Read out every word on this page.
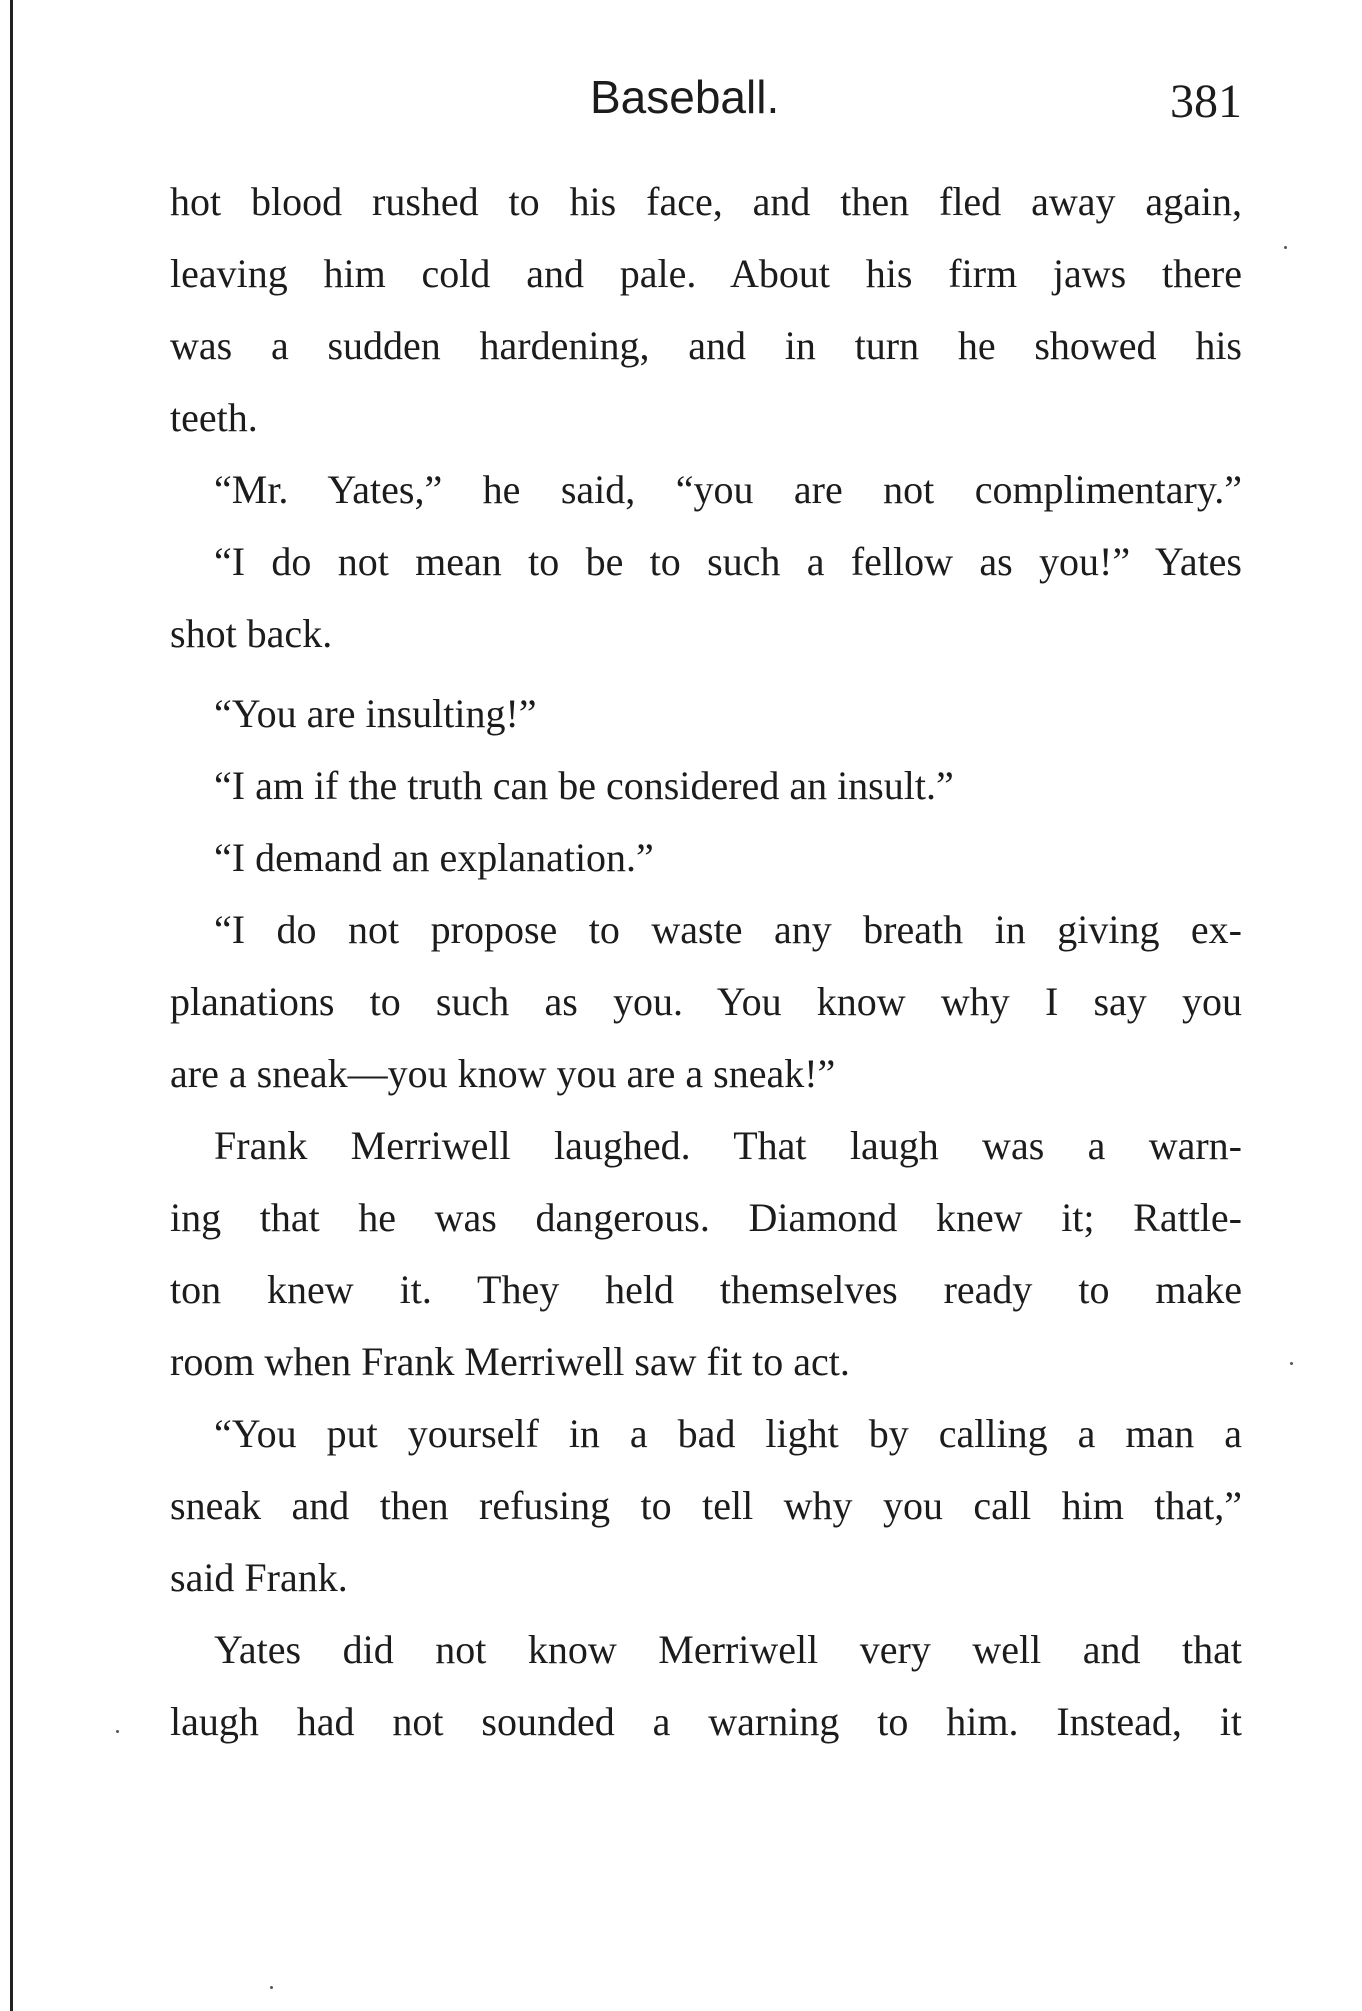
Baseball.	381
hot blood rushed to his face, and then fled away again,
leaving him cold and pale. About his firm jaws there
was a sudden hardening, and in turn he showed his
teeth.
“Mr. Yates,” he said, “you are not complimentary.”
“I do not mean to be to such a fellow as you!” Yates
shot back.
“You are insulting!”
“I am if the truth can be considered an insult.”
“I demand an explanation.”
“I do not propose to waste any breath in giving ex-
planations to such as you. You know why I say you
are a sneak—you know you are a sneak!”
Frank Merriwell laughed. That laugh was a warn-
ing that he was dangerous. Diamond knew it; Rattle-
ton knew it. They held themselves ready to make
room when Frank Merriwell saw fit to act.
“You put yourself in a bad light by calling a man a
sneak and then refusing to tell why you call him that,”
said Frank.
Yates did not know Merriwell very well and that
laugh had not sounded a warning to him. Instead, it
